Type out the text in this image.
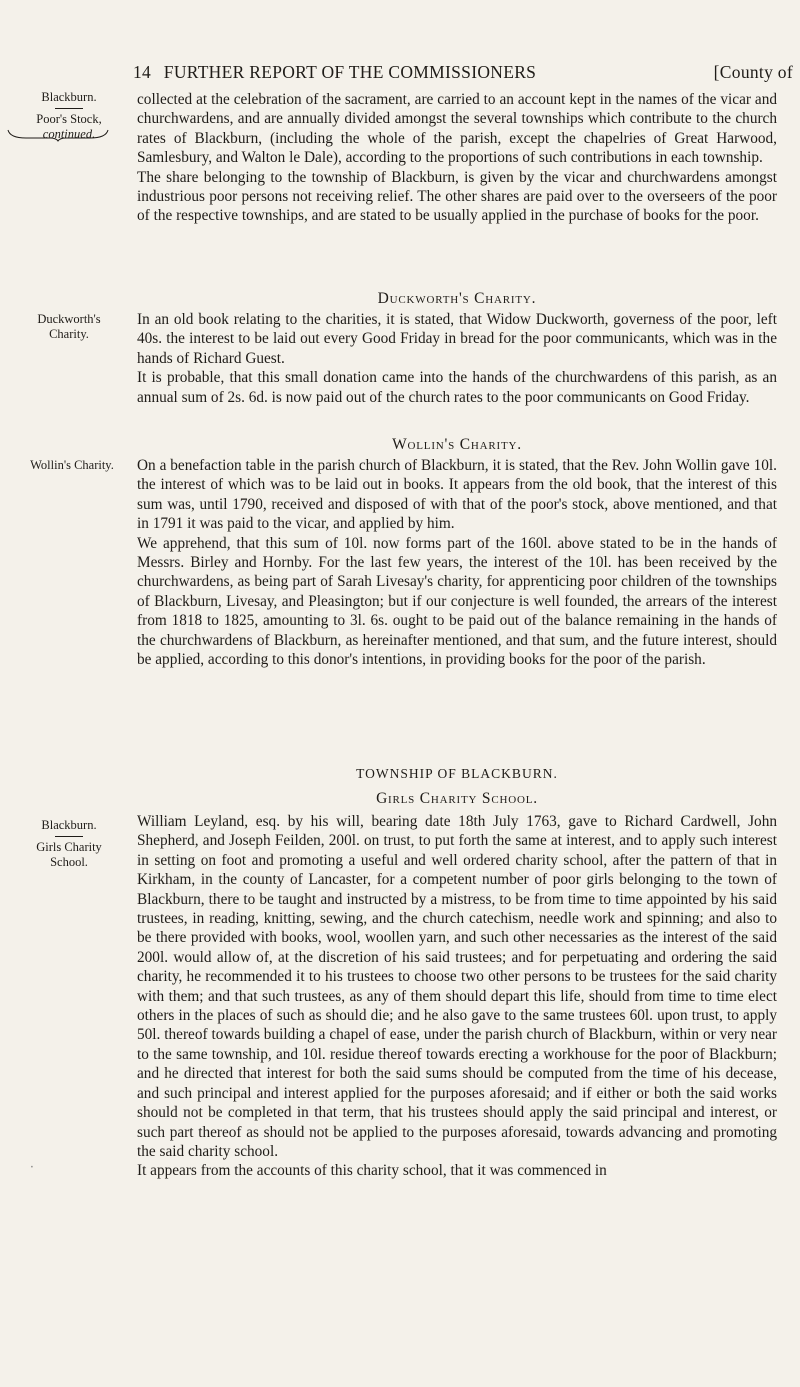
14 FURTHER REPORT OF THE COMMISSIONERS	[County of
Blackburn.
Poor's Stock,
continued.
Duckworth's Charity.
Wollin's Charity.
Blackburn.
Girls Charity School.
‧

collected at the celebration of the sacrament, are carried to an account kept in the names of the vicar and churchwardens, and are annually divided amongst the several townships which contribute to the church rates of Blackburn, (including the whole of the parish, except the chapelries of Great Harwood, Samlesbury, and Walton le Dale), according to the proportions of such contributions in each township.

The share belonging to the township of Blackburn, is given by the vicar and churchwardens amongst industrious poor persons not receiving relief. The other shares are paid over to the overseers of the poor of the respective townships, and are stated to be usually applied in the purchase of books for the poor.

Duckworth's Charity.

In an old book relating to the charities, it is stated, that Widow Duckworth, governess of the poor, left 40s. the interest to be laid out every Good Friday in bread for the poor communicants, which was in the hands of Richard Guest.

It is probable, that this small donation came into the hands of the churchwardens of this parish, as an annual sum of 2s. 6d. is now paid out of the church rates to the poor communicants on Good Friday.

Wollin's Charity.

On a benefaction table in the parish church of Blackburn, it is stated, that the Rev. John Wollin gave 10l. the interest of which was to be laid out in books. It appears from the old book, that the interest of this sum was, until 1790, received and disposed of with that of the poor's stock, above mentioned, and that in 1791 it was paid to the vicar, and applied by him.

We apprehend, that this sum of 10l. now forms part of the 160l. above stated to be in the hands of Messrs. Birley and Hornby. For the last few years, the interest of the 10l. has been received by the churchwardens, as being part of Sarah Livesay's charity, for apprenticing poor children of the townships of Blackburn, Livesay, and Pleasington; but if our conjecture is well founded, the arrears of the interest from 1818 to 1825, amounting to 3l. 6s. ought to be paid out of the balance remaining in the hands of the churchwardens of Blackburn, as hereinafter mentioned, and that sum, and the future interest, should be applied, according to this donor's intentions, in providing books for the poor of the parish.

TOWNSHIP OF BLACKBURN.
Girls Charity School.

William Leyland, esq. by his will, bearing date 18th July 1763, gave to Richard Cardwell, John Shepherd, and Joseph Feilden, 200l. on trust, to put forth the same at interest, and to apply such interest in setting on foot and promoting a useful and well ordered charity school, after the pattern of that in Kirkham, in the county of Lancaster, for a competent number of poor girls belonging to the town of Blackburn, there to be taught and instructed by a mistress, to be from time to time appointed by his said trustees, in reading, knitting, sewing, and the church catechism, needle work and spinning; and also to be there provided with books, wool, woollen yarn, and such other necessaries as the interest of the said 200l. would allow of, at the discretion of his said trustees; and for perpetuating and ordering the said charity, he recommended it to his trustees to choose two other persons to be trustees for the said charity with them; and that such trustees, as any of them should depart this life, should from time to time elect others in the places of such as should die; and he also gave to the same trustees 60l. upon trust, to apply 50l. thereof towards building a chapel of ease, under the parish church of Blackburn, within or very near to the same township, and 10l. residue thereof towards erecting a workhouse for the poor of Blackburn; and he directed that interest for both the said sums should be computed from the time of his decease, and such principal and interest applied for the purposes aforesaid; and if either or both the said works should not be completed in that term, that his trustees should apply the said principal and interest, or such part thereof as should not be applied to the purposes aforesaid, towards advancing and promoting the said charity school.

It appears from the accounts of this charity school, that it was commenced in
